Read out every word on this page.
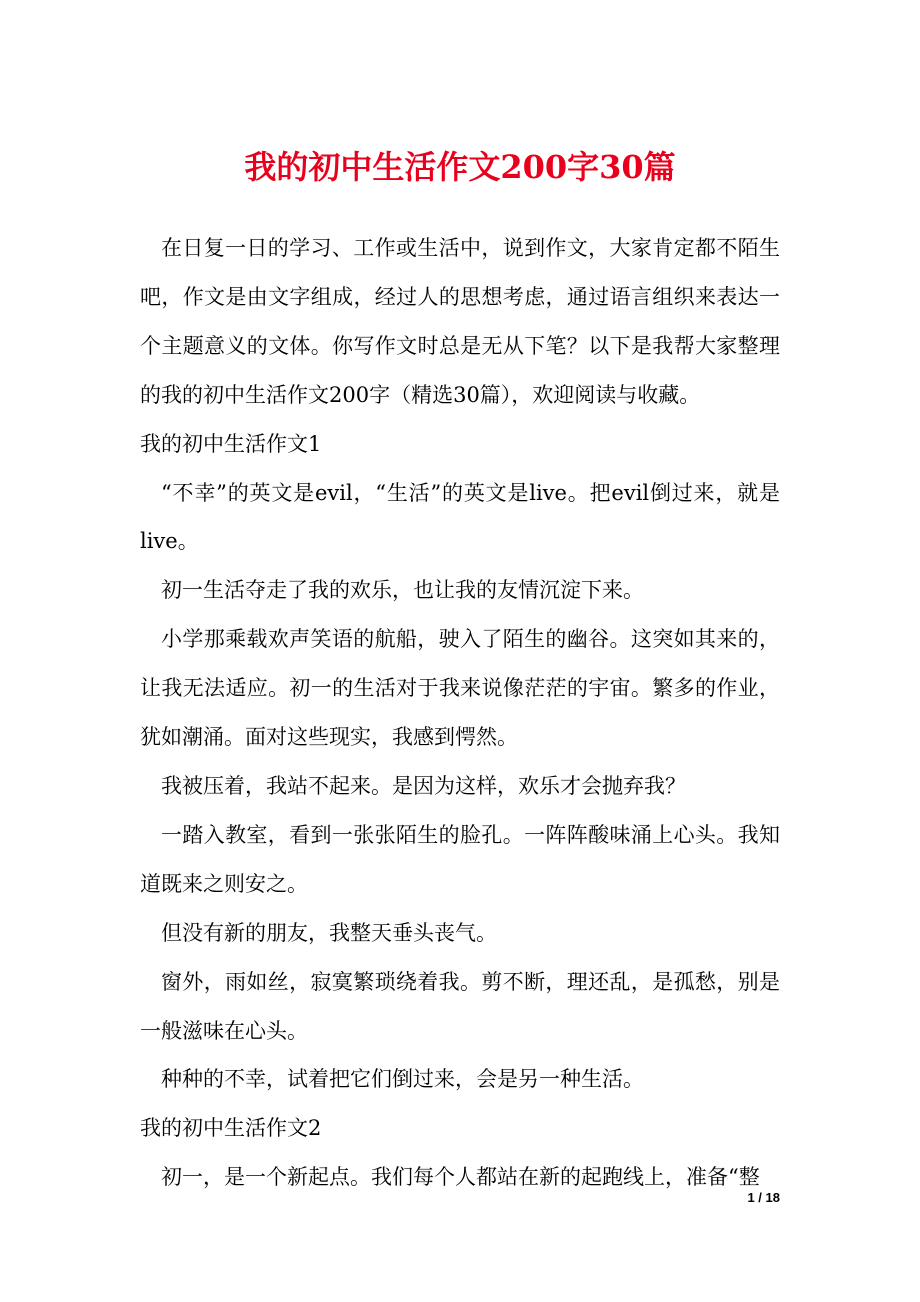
我的初中生活作文200字30篇

在日复一日的学习、工作或生活中，说到作文，大家肯定都不陌生吧，作文是由文字组成，经过人的思想考虑，通过语言组织来表达一个主题意义的文体。你写作文时总是无从下笔？以下是我帮大家整理的我的初中生活作文200字（精选30篇），欢迎阅读与收藏。

我的初中生活作文1

“不幸”的英文是evil，“生活”的英文是live。把evil倒过来，就是live。

初一生活夺走了我的欢乐，也让我的友情沉淀下来。

小学那乘载欢声笑语的航船，驶入了陌生的幽谷。这突如其来的，让我无法适应。初一的生活对于我来说像茫茫的宇宙。繁多的作业，犹如潮涌。面对这些现实，我感到愕然。

我被压着，我站不起来。是因为这样，欢乐才会抛弃我？

一踏入教室，看到一张张陌生的脸孔。一阵阵酸味涌上心头。我知道既来之则安之。

但没有新的朋友，我整天垂头丧气。

窗外，雨如丝，寂寞繁琐绕着我。剪不断，理还乱，是孤愁，别是一般滋味在心头。

种种的不幸，试着把它们倒过来，会是另一种生活。

我的初中生活作文2

初一，是一个新起点。我们每个人都站在新的起跑线上，准备“整

1 / 18
